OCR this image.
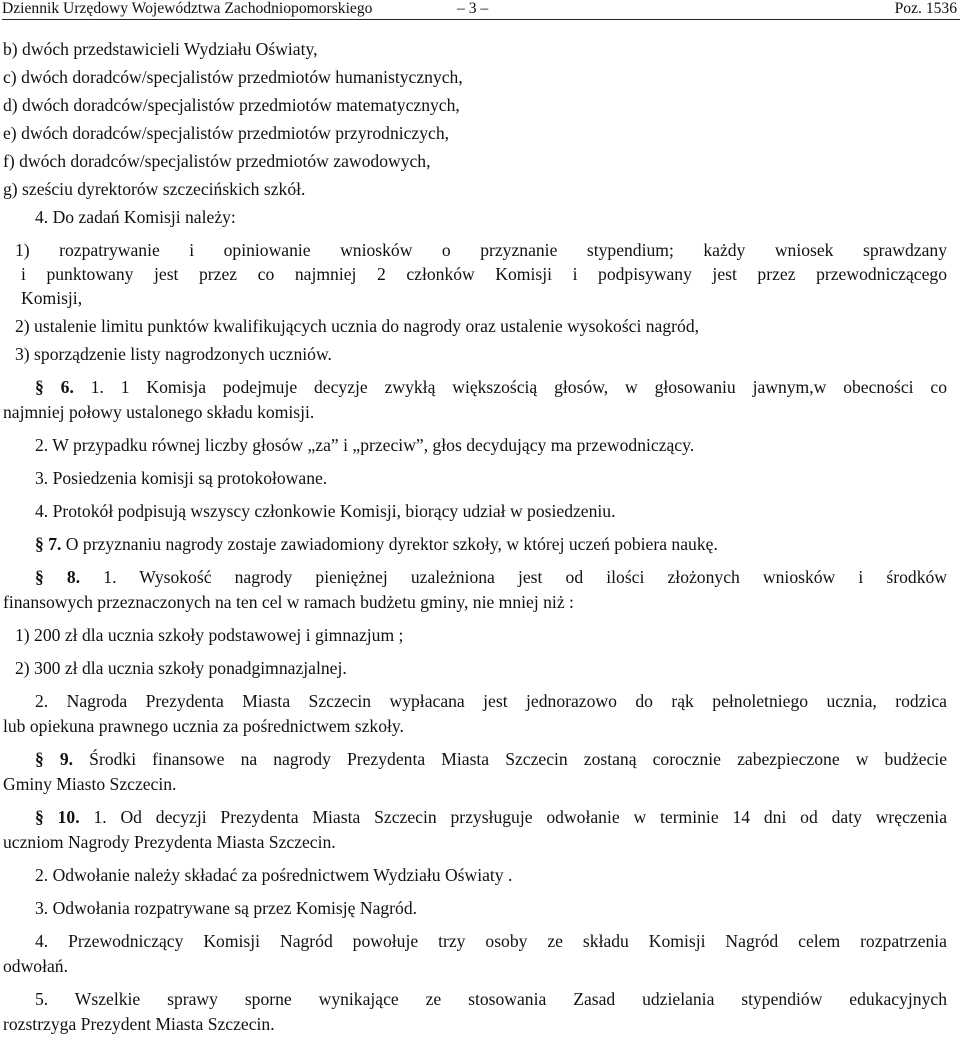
Dziennik Urzędowy Województwa Zachodniopomorskiego	– 3 –	Poz. 1536
b) dwóch przedstawicieli Wydziału Oświaty,
c) dwóch doradców/specjalistów przedmiotów humanistycznych,
d) dwóch doradców/specjalistów przedmiotów matematycznych,
e) dwóch doradców/specjalistów przedmiotów przyrodniczych,
f) dwóch doradców/specjalistów przedmiotów zawodowych,
g) sześciu dyrektorów szczecińskich szkół.
4. Do zadań Komisji należy:
1) rozpatrywanie i opiniowanie wniosków o przyznanie stypendium; każdy wniosek sprawdzany
i punktowany jest przez co najmniej 2 członków Komisji i podpisywany jest przez przewodniczącego
Komisji,
2) ustalenie limitu punktów kwalifikujących ucznia do nagrody oraz ustalenie wysokości nagród,
3) sporządzenie listy nagrodzonych uczniów.
§ 6. 1. 1 Komisja podejmuje decyzje zwykłą większością głosów, w głosowaniu jawnym,w obecności co
najmniej połowy ustalonego składu komisji.
2. W przypadku równej liczby głosów „za” i „przeciw”, głos decydujący ma przewodniczący.
3. Posiedzenia komisji są protokołowane.
4. Protokół podpisują wszyscy członkowie Komisji, biorący udział w posiedzeniu.
§ 7. O przyznaniu nagrody zostaje zawiadomiony dyrektor szkoły, w której uczeń pobiera naukę.
§ 8. 1. Wysokość nagrody pieniężnej uzależniona jest od ilości złożonych wniosków i środków
finansowych przeznaczonych na ten cel w ramach budżetu gminy, nie mniej niż :
1) 200 zł dla ucznia szkoły podstawowej i gimnazjum ;
2) 300 zł dla ucznia szkoły ponadgimnazjalnej.
2. Nagroda Prezydenta Miasta Szczecin wypłacana jest jednorazowo do rąk pełnoletniego ucznia, rodzica
lub opiekuna prawnego ucznia za pośrednictwem szkoły.
§ 9. Środki finansowe na nagrody Prezydenta Miasta Szczecin zostaną corocznie zabezpieczone w budżecie
Gminy Miasto Szczecin.
§ 10. 1. Od decyzji Prezydenta Miasta Szczecin przysługuje odwołanie w terminie 14 dni od daty wręczenia
uczniom Nagrody Prezydenta Miasta Szczecin.
2. Odwołanie należy składać za pośrednictwem Wydziału Oświaty .
3. Odwołania rozpatrywane są przez Komisję Nagród.
4. Przewodniczący Komisji Nagród powołuje trzy osoby ze składu Komisji Nagród celem rozpatrzenia
odwołań.
5. Wszelkie sprawy sporne wynikające ze stosowania Zasad udzielania stypendiów edukacyjnych
rozstrzyga Prezydent Miasta Szczecin.
